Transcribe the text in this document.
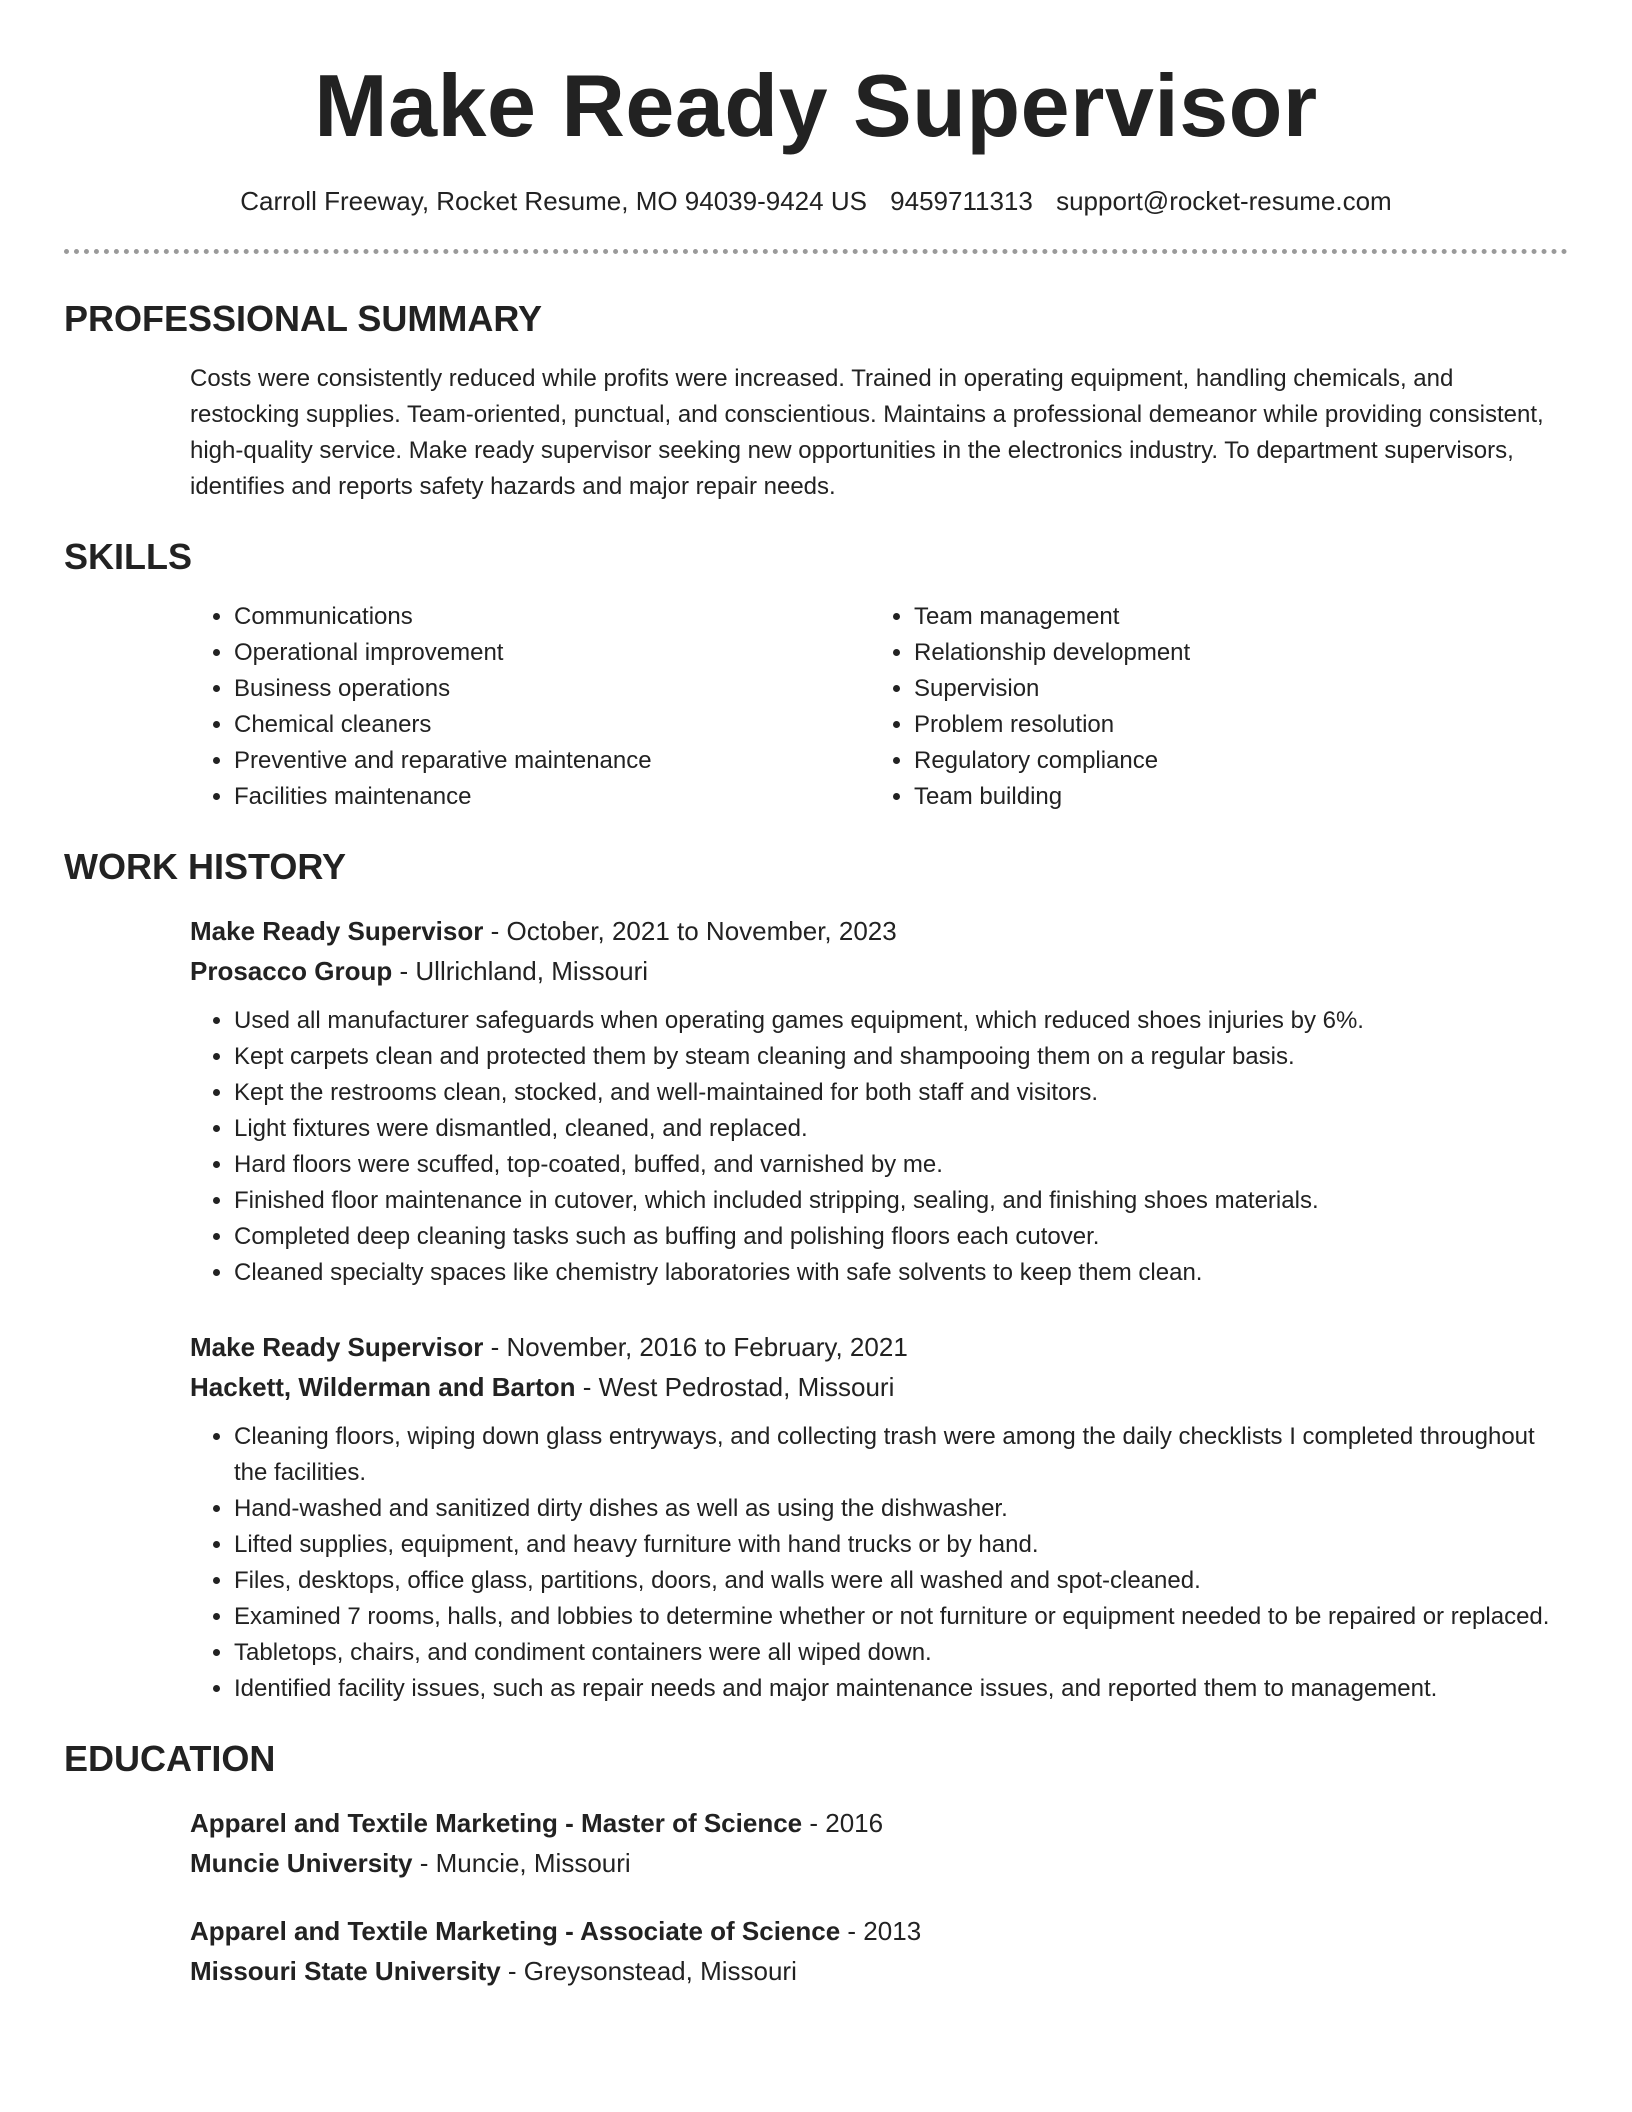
Make Ready Supervisor
Carroll Freeway, Rocket Resume, MO 94039-9424 US 9459711313 support@rocket-resume.com
PROFESSIONAL SUMMARY
Costs were consistently reduced while profits were increased. Trained in operating equipment, handling chemicals, and restocking supplies. Team-oriented, punctual, and conscientious. Maintains a professional demeanor while providing consistent, high-quality service. Make ready supervisor seeking new opportunities in the electronics industry. To department supervisors, identifies and reports safety hazards and major repair needs.
SKILLS
• Communications
• Operational improvement
• Business operations
• Chemical cleaners
• Preventive and reparative maintenance
• Facilities maintenance
• Team management
• Relationship development
• Supervision
• Problem resolution
• Regulatory compliance
• Team building
WORK HISTORY
Make Ready Supervisor - October, 2021 to November, 2023
Prosacco Group - Ullrichland, Missouri
• Used all manufacturer safeguards when operating games equipment, which reduced shoes injuries by 6%.
• Kept carpets clean and protected them by steam cleaning and shampooing them on a regular basis.
• Kept the restrooms clean, stocked, and well-maintained for both staff and visitors.
• Light fixtures were dismantled, cleaned, and replaced.
• Hard floors were scuffed, top-coated, buffed, and varnished by me.
• Finished floor maintenance in cutover, which included stripping, sealing, and finishing shoes materials.
• Completed deep cleaning tasks such as buffing and polishing floors each cutover.
• Cleaned specialty spaces like chemistry laboratories with safe solvents to keep them clean.
Make Ready Supervisor - November, 2016 to February, 2021
Hackett, Wilderman and Barton - West Pedrostad, Missouri
• Cleaning floors, wiping down glass entryways, and collecting trash were among the daily checklists I completed throughout the facilities.
• Hand-washed and sanitized dirty dishes as well as using the dishwasher.
• Lifted supplies, equipment, and heavy furniture with hand trucks or by hand.
• Files, desktops, office glass, partitions, doors, and walls were all washed and spot-cleaned.
• Examined 7 rooms, halls, and lobbies to determine whether or not furniture or equipment needed to be repaired or replaced.
• Tabletops, chairs, and condiment containers were all wiped down.
• Identified facility issues, such as repair needs and major maintenance issues, and reported them to management.
EDUCATION
Apparel and Textile Marketing - Master of Science - 2016
Muncie University - Muncie, Missouri
Apparel and Textile Marketing - Associate of Science - 2013
Missouri State University - Greysonstead, Missouri
